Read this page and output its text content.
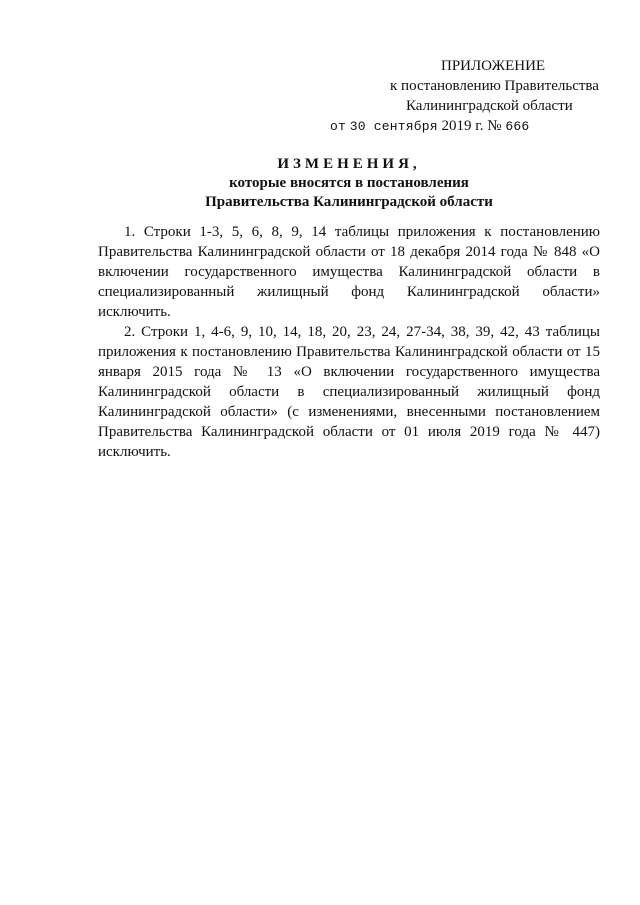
ПРИЛОЖЕНИЕ
к постановлению Правительства
Калининградской области
от 30 сентября 2019 г. № 666
ИЗМЕНЕНИЯ,
которые вносятся в постановления
Правительства Калининградской области

1. Строки 1-3, 5, 6, 8, 9, 14 таблицы приложения к постановлению Правительства Калининградской области от 18 декабря 2014 года № 848 «О включении государственного имущества Калининградской области в специализированный жилищный фонд Калининградской области» исключить.

2. Строки 1, 4-6, 9, 10, 14, 18, 20, 23, 24, 27-34, 38, 39, 42, 43 таблицы приложения к постановлению Правительства Калининградской области от 15 января 2015 года № 13 «О включении государственного имущества Калининградской области в специализированный жилищный фонд Калининградской области» (с изменениями, внесенными постановлением Правительства Калининградской области от 01 июля 2019 года № 447) исключить.
